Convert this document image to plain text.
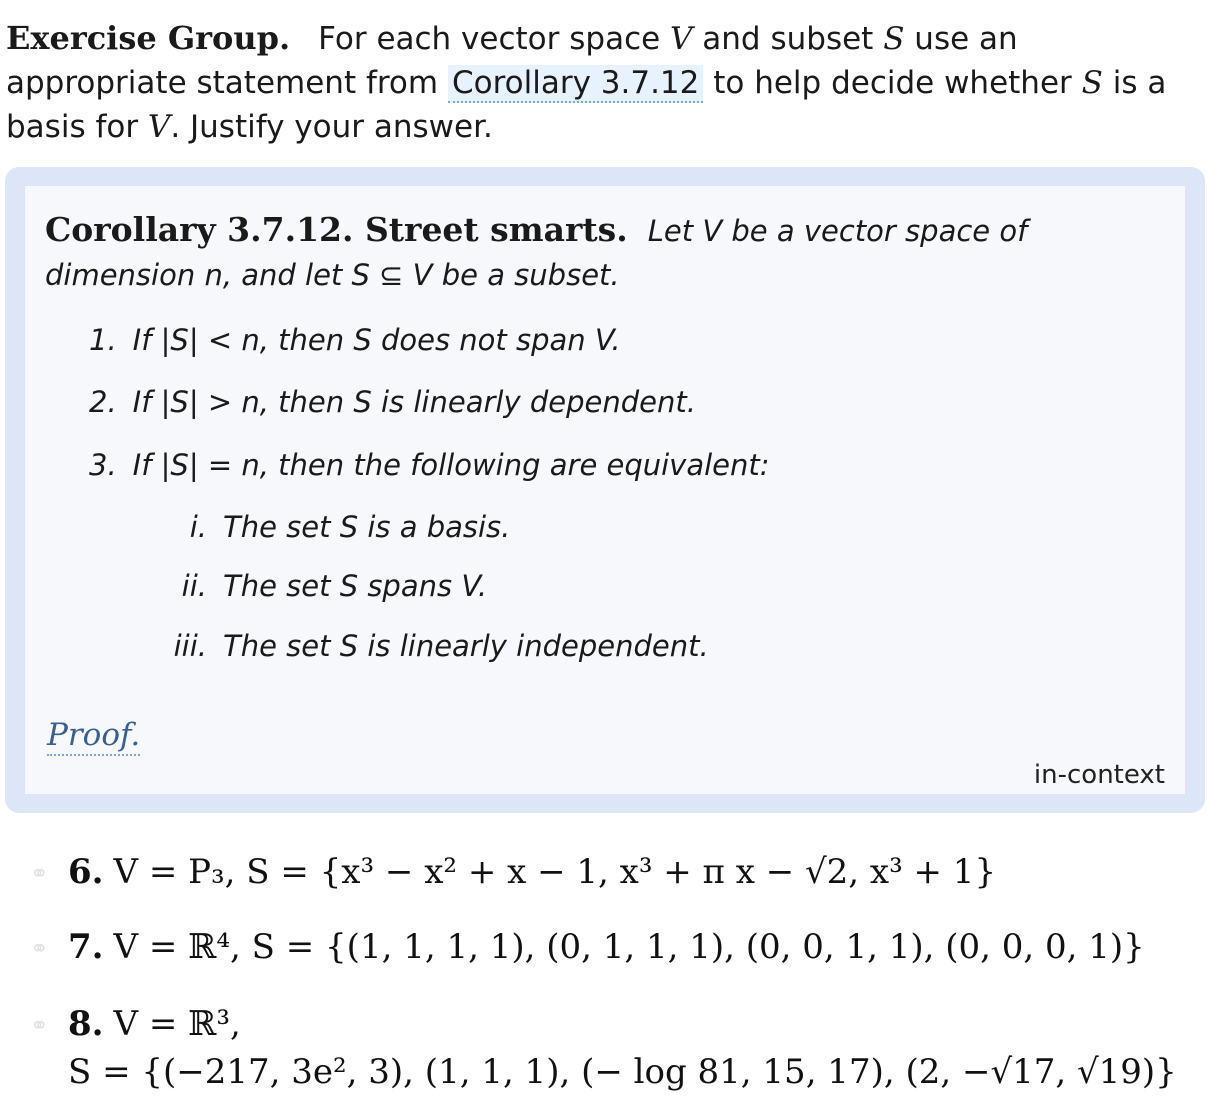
Exercise Group. For each vector space V and subset S use an appropriate statement from Corollary 3.7.12 to help decide whether S is a basis for V. Justify your answer.
Corollary 3.7.12. Street smarts. Let V be a vector space of dimension n, and let S ⊆ V be a subset.
1. If |S| < n, then S does not span V.
2. If |S| > n, then S is linearly dependent.
3. If |S| = n, then the following are equivalent:
i. The set S is a basis.
ii. The set S spans V.
iii. The set S is linearly independent.
Proof.
in-context
⚭ 6. V = P₃, S = {x³ − x² + x − 1, x³ + π x − √2, x³ + 1}
⚭ 7. V = ℝ⁴, S = {(1, 1, 1, 1), (0, 1, 1, 1), (0, 0, 1, 1), (0, 0, 0, 1)}
⚭ 8. V = ℝ³,
S = {(−217, 3e², 3), (1, 1, 1), (− log 81, 15, 17), (2, −√17, √19)}
